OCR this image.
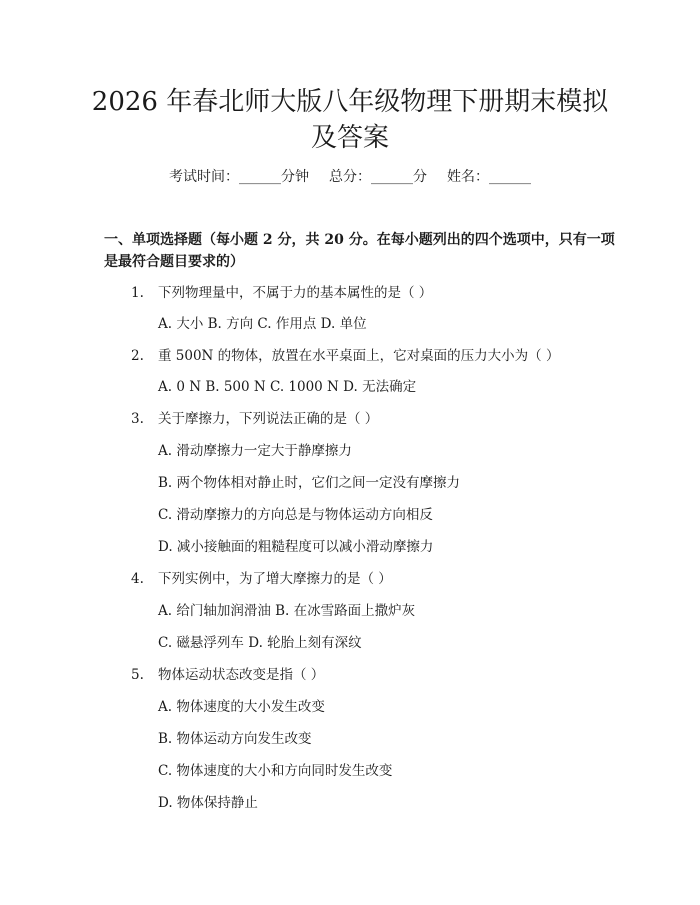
2026 年春北师大版八年级物理下册期末模拟
及答案
考试时间：______分钟 总分：______分 姓名：______
一、单项选择题（每小题 2 分，共 20 分。在每小题列出的四个选项中，只有一项
是最符合题目要求的）
1. 下列物理量中，不属于力的基本属性的是（ ）
A. 大小 B. 方向 C. 作用点 D. 单位
2. 重 500N 的物体，放置在水平桌面上，它对桌面的压力大小为（ ）
A. 0 N B. 500 N C. 1000 N D. 无法确定
3. 关于摩擦力，下列说法正确的是（ ）
A. 滑动摩擦力一定大于静摩擦力
B. 两个物体相对静止时，它们之间一定没有摩擦力
C. 滑动摩擦力的方向总是与物体运动方向相反
D. 减小接触面的粗糙程度可以减小滑动摩擦力
4. 下列实例中，为了增大摩擦力的是（ ）
A. 给门轴加润滑油 B. 在冰雪路面上撒炉灰
C. 磁悬浮列车 D. 轮胎上刻有深纹
5. 物体运动状态改变是指（ ）
A. 物体速度的大小发生改变
B. 物体运动方向发生改变
C. 物体速度的大小和方向同时发生改变
D. 物体保持静止
